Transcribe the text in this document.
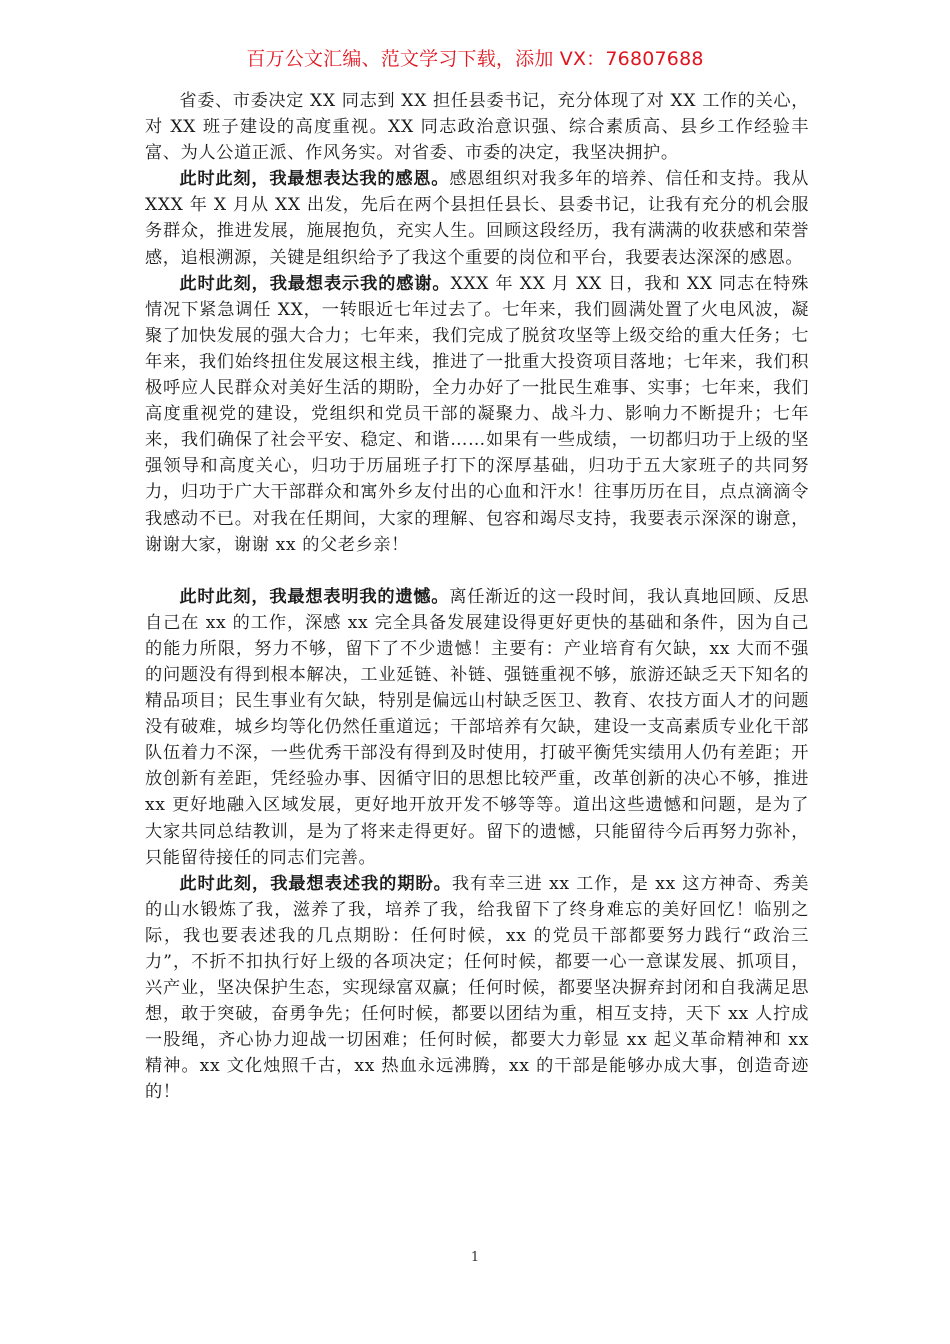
百万公文汇编、范文学习下载，添加 VX：76807688

省委、市委决定 XX 同志到 XX 担任县委书记，充分体现了对 XX 工作的关心，对 XX 班子建设的高度重视。XX 同志政治意识强、综合素质高、县乡工作经验丰富、为人公道正派、作风务实。对省委、市委的决定，我坚决拥护。

此时此刻，我最想表达我的感恩。感恩组织对我多年的培养、信任和支持。我从 XXX 年 X 月从 XX 出发，先后在两个县担任县长、县委书记，让我有充分的机会服务群众，推进发展，施展抱负，充实人生。回顾这段经历，我有满满的收获感和荣誉感，追根溯源，关键是组织给予了我这个重要的岗位和平台，我要表达深深的感恩。

此时此刻，我最想表示我的感谢。XXX 年 XX 月 XX 日，我和 XX 同志在特殊情况下紧急调任 XX，一转眼近七年过去了。七年来，我们圆满处置了火电风波，凝聚了加快发展的强大合力；七年来，我们完成了脱贫攻坚等上级交给的重大任务；七年来，我们始终扭住发展这根主线，推进了一批重大投资项目落地；七年来，我们积极呼应人民群众对美好生活的期盼，全力办好了一批民生难事、实事；七年来，我们高度重视党的建设，党组织和党员干部的凝聚力、战斗力、影响力不断提升；七年来，我们确保了社会平安、稳定、和谐……如果有一些成绩，一切都归功于上级的坚强领导和高度关心，归功于历届班子打下的深厚基础，归功于五大家班子的共同努力，归功于广大干部群众和寓外乡友付出的心血和汗水！往事历历在目，点点滴滴令我感动不已。对我在任期间，大家的理解、包容和竭尽支持，我要表示深深的谢意，谢谢大家，谢谢 xx 的父老乡亲！

此时此刻，我最想表明我的遗憾。离任渐近的这一段时间，我认真地回顾、反思自己在 xx 的工作，深感 xx 完全具备发展建设得更好更快的基础和条件，因为自己的能力所限，努力不够，留下了不少遗憾！主要有：产业培育有欠缺，xx 大而不强的问题没有得到根本解决，工业延链、补链、强链重视不够，旅游还缺乏天下知名的精品项目；民生事业有欠缺，特别是偏远山村缺乏医卫、教育、农技方面人才的问题没有破难，城乡均等化仍然任重道远；干部培养有欠缺，建设一支高素质专业化干部队伍着力不深，一些优秀干部没有得到及时使用，打破平衡凭实绩用人仍有差距；开放创新有差距，凭经验办事、因循守旧的思想比较严重，改革创新的决心不够，推进 xx 更好地融入区域发展，更好地开放开发不够等等。道出这些遗憾和问题，是为了大家共同总结教训，是为了将来走得更好。留下的遗憾，只能留待今后再努力弥补，只能留待接任的同志们完善。

此时此刻，我最想表述我的期盼。我有幸三进 xx 工作，是 xx 这方神奇、秀美的山水锻炼了我，滋养了我，培养了我，给我留下了终身难忘的美好回忆！临别之际，我也要表述我的几点期盼：任何时候，xx 的党员干部都要努力践行“政治三力”，不折不扣执行好上级的各项决定；任何时候，都要一心一意谋发展、抓项目，兴产业，坚决保护生态，实现绿富双赢；任何时候，都要坚决摒弃封闭和自我满足思想，敢于突破，奋勇争先；任何时候，都要以团结为重，相互支持，天下 xx 人拧成一股绳，齐心协力迎战一切困难；任何时候，都要大力彰显 xx 起义革命精神和 xx 精神。xx 文化烛照千古，xx 热血永远沸腾，xx 的干部是能够办成大事，创造奇迹的！

1
